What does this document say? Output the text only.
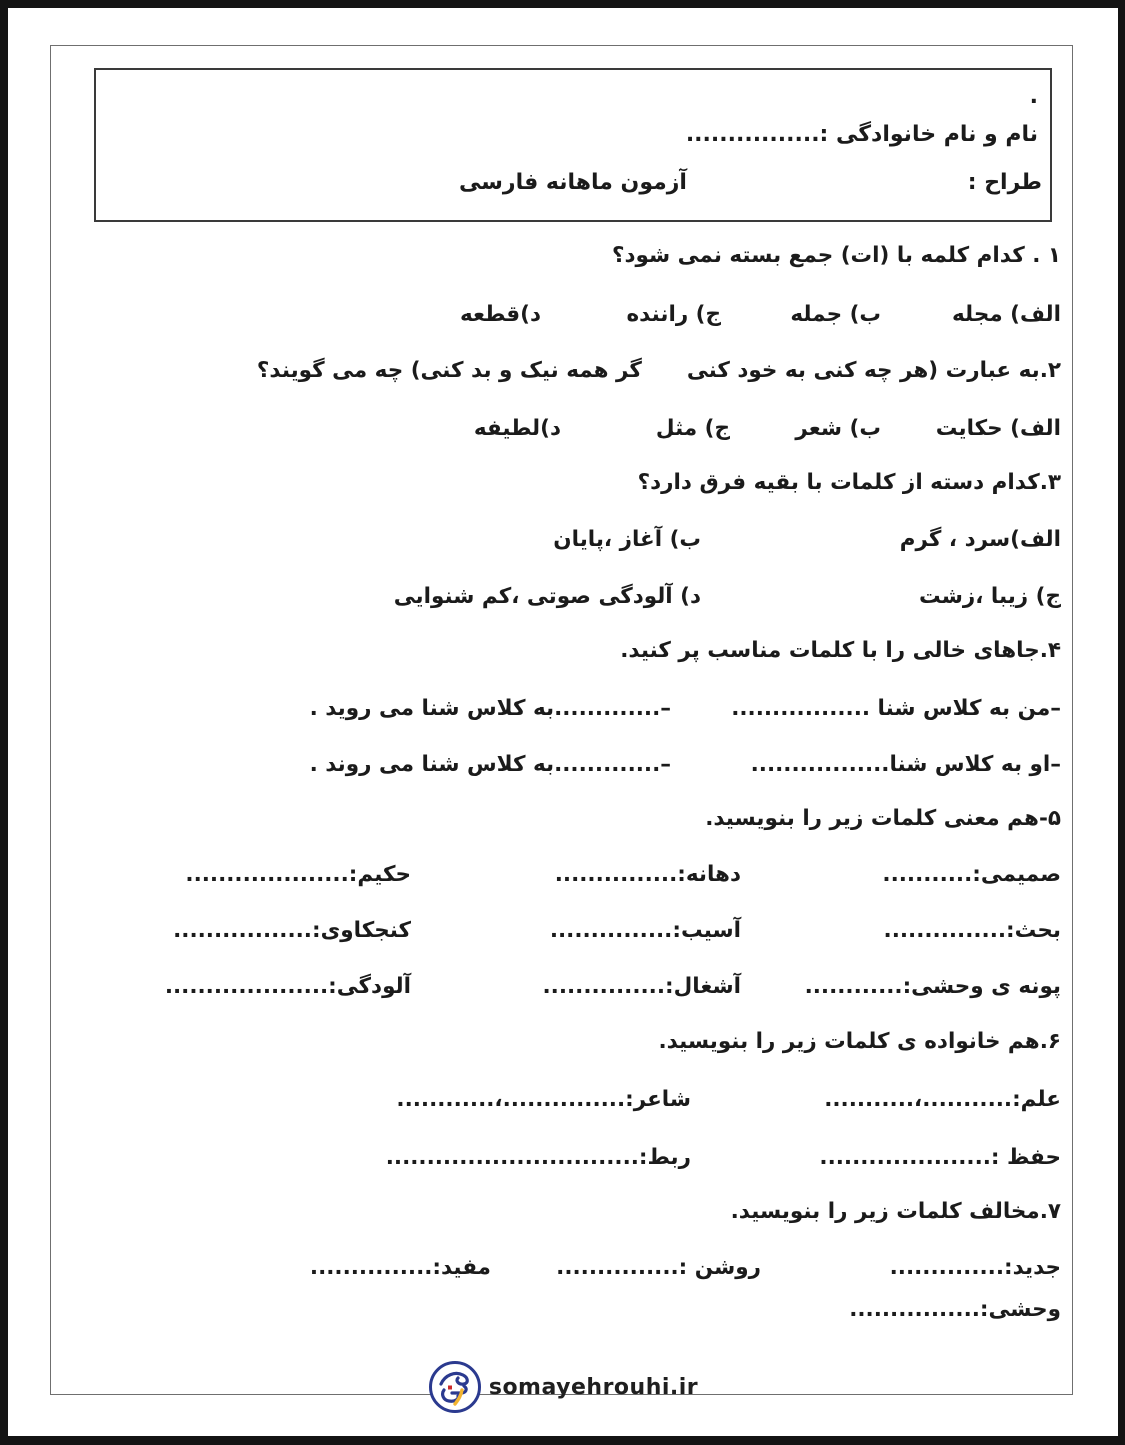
.
نام و نام خانوادگی :................
طراح :
آزمون ماهانه فارسی
۱ . کدام کلمه با (ات) جمع بسته نمی شود؟
الف) مجله
ب) جمله
ج) راننده
د)قطعه
۲.به عبارت (هر چه کنی به خود کنی      گر همه نیک و بد کنی) چه می گویند؟
الف) حکایت
ب) شعر
ج) مثل
د)لطیفه
۳.کدام دسته از کلمات با بقیه فرق دارد؟
الف)سرد ، گرم
ب) آغاز ،پایان
ج) زیبا ،زشت
د) آلودگی صوتی ،کم شنوایی
۴.جاهای خالی را با کلمات مناسب پر کنید.
–من به کلاس شنا .................
–.............به کلاس شنا می روید .
–او به کلاس شنا.................
–.............به کلاس شنا می روند .
۵-هم معنی کلمات زیر را بنویسید.
صمیمی:...........
دهانه:...............
حکیم:....................
بحث:...............
آسیب:...............
کنجکاوی:.................
پونه ی وحشی:............
آشغال:...............
آلودگی:....................
۶.هم خانواده ی کلمات زیر را بنویسید.
علم:...........،...........
شاعر:...............،............
حفظ :.....................
ربط:...............................
۷.مخالف کلمات زیر را بنویسید.
جدید:..............
روشن :...............
مفید:...............
وحشی:................
somayehrouhi.ir
